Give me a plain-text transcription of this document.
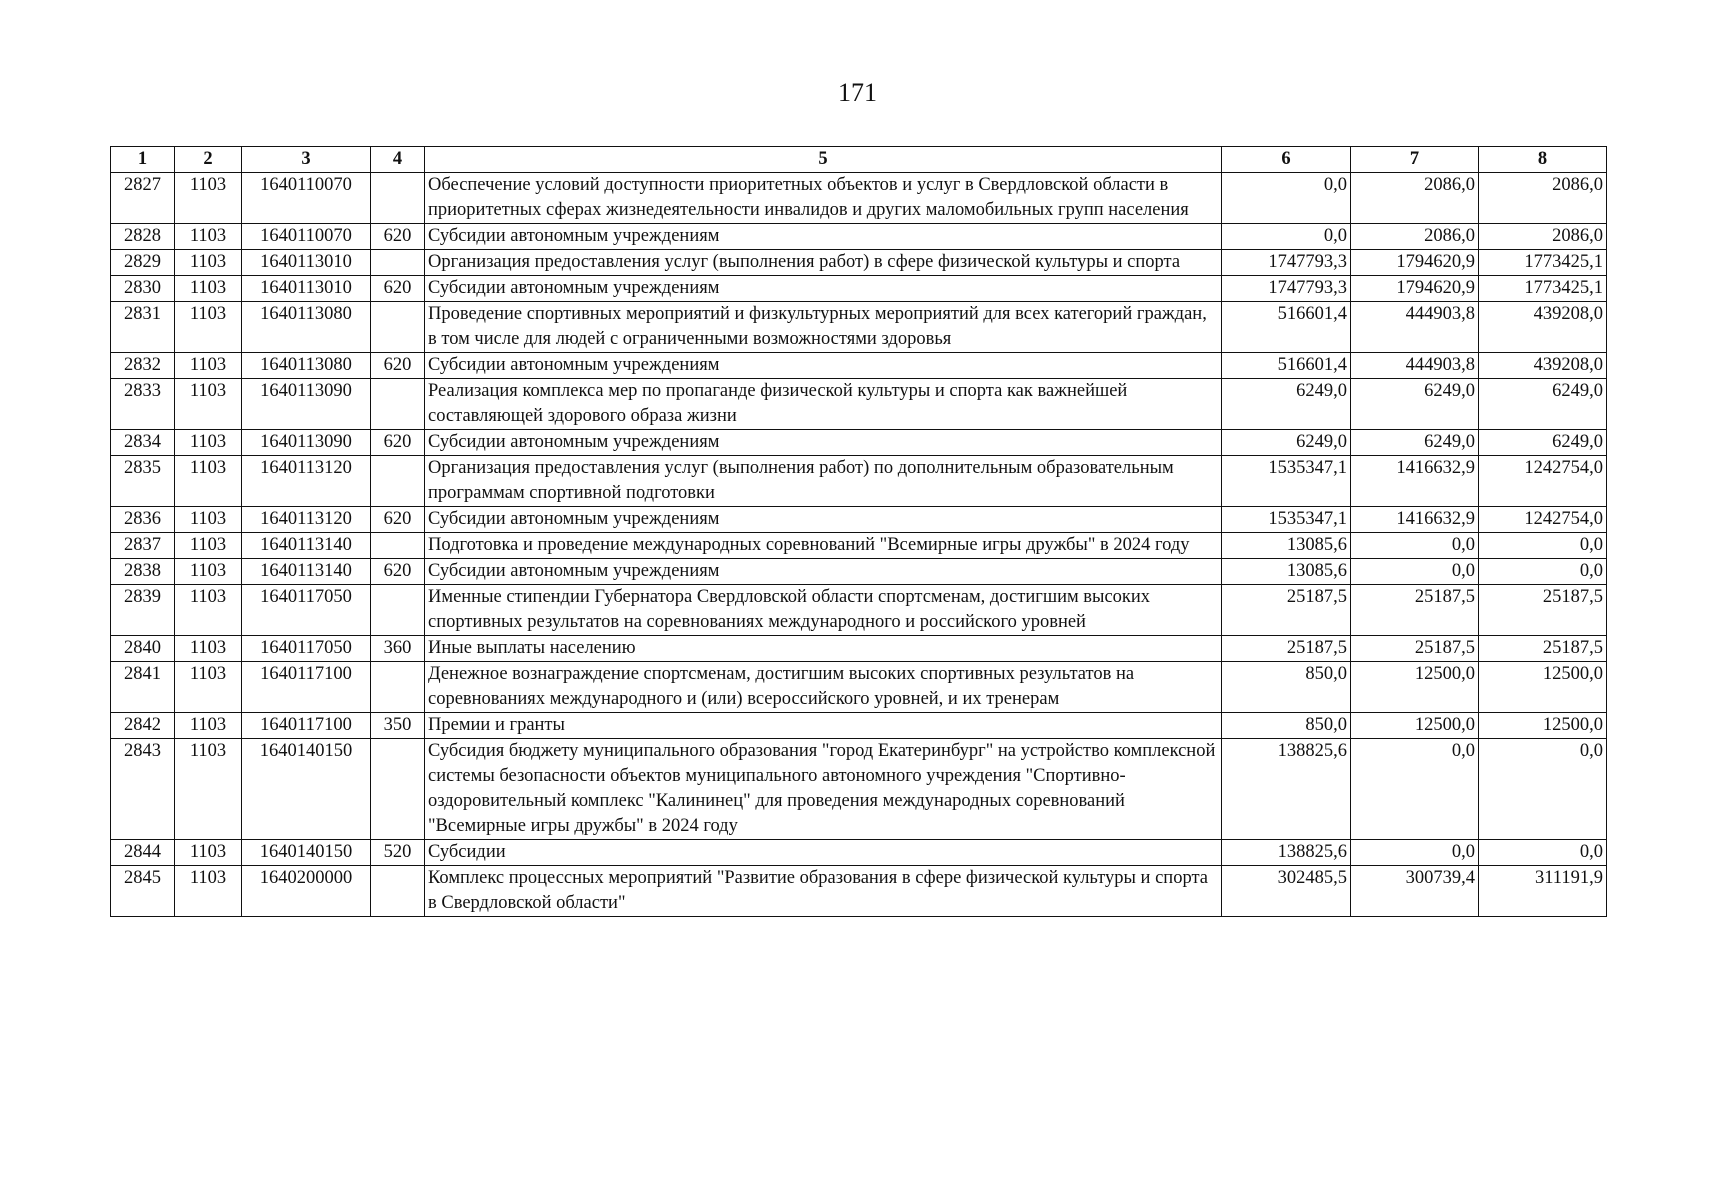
171
1	2	3	4	5	6	7	8
2827	1103	1640110070		Обеспечение условий доступности приоритетных объектов и услуг в Свердловской области в приоритетных сферах жизнедеятельности инвалидов и других маломобильных групп населения	0,0	2086,0	2086,0
2828	1103	1640110070	620	Субсидии автономным учреждениям	0,0	2086,0	2086,0
2829	1103	1640113010		Организация предоставления услуг (выполнения работ) в сфере физической культуры и спорта	1747793,3	1794620,9	1773425,1
2830	1103	1640113010	620	Субсидии автономным учреждениям	1747793,3	1794620,9	1773425,1
2831	1103	1640113080		Проведение спортивных мероприятий и физкультурных мероприятий для всех категорий граждан, в том числе для людей с ограниченными возможностями здоровья	516601,4	444903,8	439208,0
2832	1103	1640113080	620	Субсидии автономным учреждениям	516601,4	444903,8	439208,0
2833	1103	1640113090		Реализация комплекса мер по пропаганде физической культуры и спорта как важнейшей составляющей здорового образа жизни	6249,0	6249,0	6249,0
2834	1103	1640113090	620	Субсидии автономным учреждениям	6249,0	6249,0	6249,0
2835	1103	1640113120		Организация предоставления услуг (выполнения работ) по дополнительным образовательным программам спортивной подготовки	1535347,1	1416632,9	1242754,0
2836	1103	1640113120	620	Субсидии автономным учреждениям	1535347,1	1416632,9	1242754,0
2837	1103	1640113140		Подготовка и проведение международных соревнований "Всемирные игры дружбы" в 2024 году	13085,6	0,0	0,0
2838	1103	1640113140	620	Субсидии автономным учреждениям	13085,6	0,0	0,0
2839	1103	1640117050		Именные стипендии Губернатора Свердловской области спортсменам, достигшим высоких спортивных результатов на соревнованиях международного и российского уровней	25187,5	25187,5	25187,5
2840	1103	1640117050	360	Иные выплаты населению	25187,5	25187,5	25187,5
2841	1103	1640117100		Денежное вознаграждение спортсменам, достигшим высоких спортивных результатов на соревнованиях международного и (или) всероссийского уровней, и их тренерам	850,0	12500,0	12500,0
2842	1103	1640117100	350	Премии и гранты	850,0	12500,0	12500,0
2843	1103	1640140150		Субсидия бюджету муниципального образования "город Екатеринбург" на устройство комплексной системы безопасности объектов муниципального автономного учреждения "Спортивно-оздоровительный комплекс "Калининец" для проведения международных соревнований "Всемирные игры дружбы" в 2024 году	138825,6	0,0	0,0
2844	1103	1640140150	520	Субсидии	138825,6	0,0	0,0
2845	1103	1640200000		Комплекс процессных мероприятий "Развитие образования в сфере физической культуры и спорта в Свердловской области"	302485,5	300739,4	311191,9
